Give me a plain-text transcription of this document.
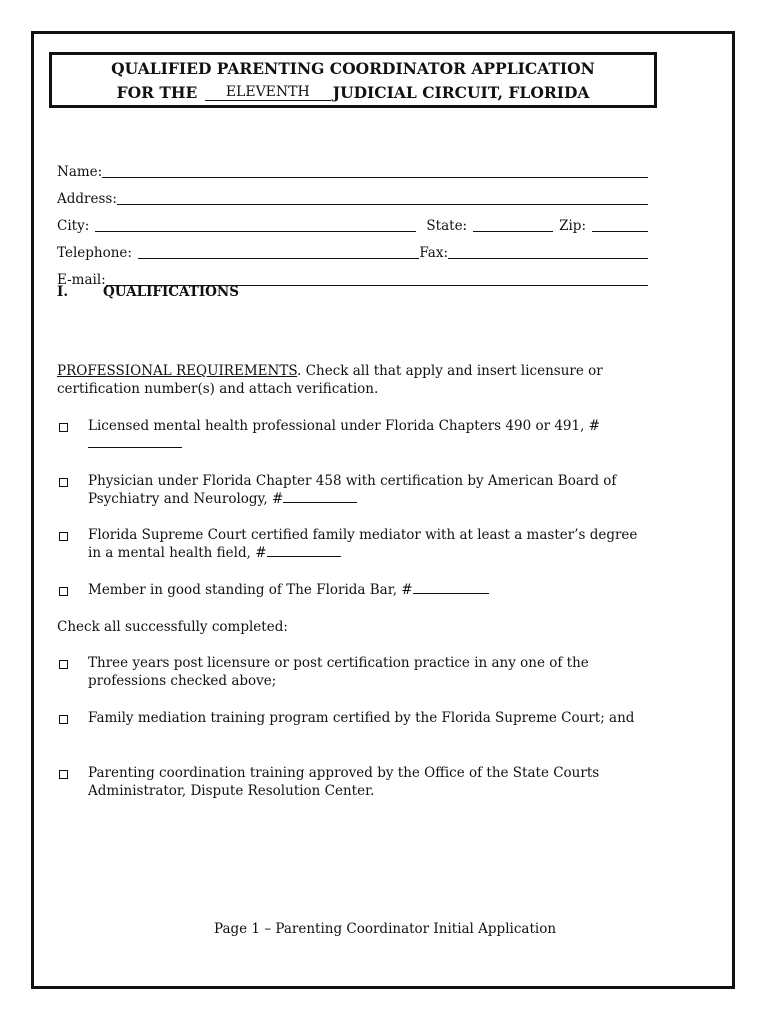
QUALIFIED PARENTING COORDINATOR APPLICATION
FOR THE ELEVENTH JUDICIAL CIRCUIT, FLORIDA
Name:
Address:
City:	State:	Zip:
Telephone:	Fax:
E-mail:
I.	QUALIFICATIONS
PROFESSIONAL REQUIREMENTS. Check all that apply and insert licensure or certification number(s) and attach verification.
Licensed mental health professional under Florida Chapters 490 or 491, #
Physician under Florida Chapter 458 with certification by American Board of Psychiatry and Neurology, #
Florida Supreme Court certified family mediator with at least a master’s degree in a mental health field, #
Member in good standing of The Florida Bar, #
Check all successfully completed:
Three years post licensure or post certification practice in any one of the professions checked above;
Family mediation training program certified by the Florida Supreme Court; and
Parenting coordination training approved by the Office of the State Courts Administrator, Dispute Resolution Center.
Page 1 – Parenting Coordinator Initial Application
